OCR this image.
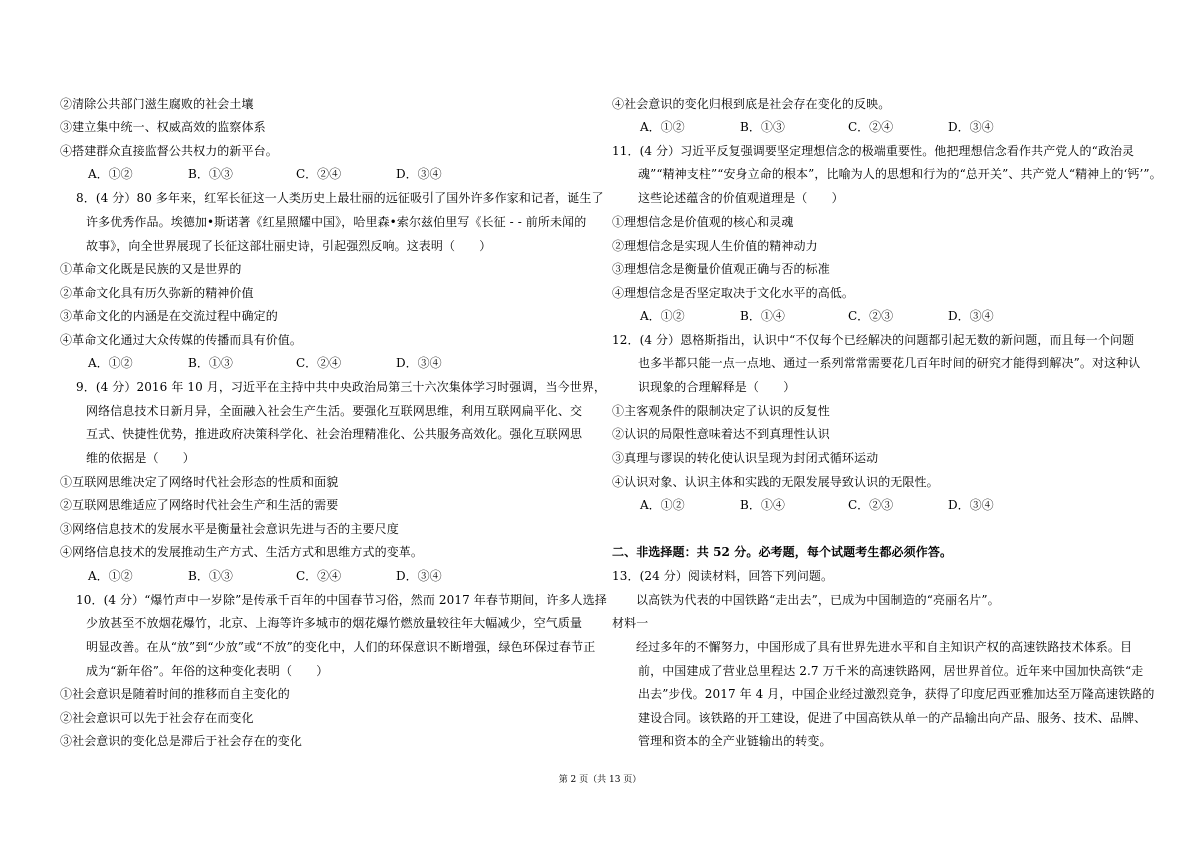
②清除公共部门滋生腐败的社会土壤
③建立集中统一、权威高效的监察体系
④搭建群众直接监督公共权力的新平台。
A．①②	B．①③	C．②④	D．③④
8．(4 分）80 多年来，红军长征这一人类历史上最壮丽的远征吸引了国外许多作家和记者，诞生了
许多优秀作品。埃德加•斯诺著《红星照耀中国》，哈里森•索尔兹伯里写《长征 - - 前所未闻的
故事》，向全世界展现了长征这部壮丽史诗，引起强烈反响。这表明（　　）
①革命文化既是民族的又是世界的
②革命文化具有历久弥新的精神价值
③革命文化的内涵是在交流过程中确定的
④革命文化通过大众传媒的传播而具有价值。
A．①②	B．①③	C．②④	D．③④
9．(4 分）2016 年 10 月，习近平在主持中共中央政治局第三十六次集体学习时强调，当今世界，
网络信息技术日新月异，全面融入社会生产生活。要强化互联网思维，利用互联网扁平化、交
互式、快捷性优势，推进政府决策科学化、社会治理精准化、公共服务高效化。强化互联网思
维的依据是（　　）
①互联网思维决定了网络时代社会形态的性质和面貌
②互联网思维适应了网络时代社会生产和生活的需要
③网络信息技术的发展水平是衡量社会意识先进与否的主要尺度
④网络信息技术的发展推动生产方式、生活方式和思维方式的变革。
A．①②	B．①③	C．②④	D．③④
10．(4 分）“爆竹声中一岁除”是传承千百年的中国春节习俗，然而 2017 年春节期间，许多人选择
少放甚至不放烟花爆竹，北京、上海等许多城市的烟花爆竹燃放量较往年大幅减少，空气质量
明显改善。在从“放”到“少放”或“不放”的变化中，人们的环保意识不断增强，绿色环保过春节正
成为“新年俗”。年俗的这种变化表明（　　）
①社会意识是随着时间的推移而自主变化的
②社会意识可以先于社会存在而变化
③社会意识的变化总是滞后于社会存在的变化
④社会意识的变化归根到底是社会存在变化的反映。
A．①②	B．①③	C．②④	D．③④
11．(4 分）习近平反复强调要坚定理想信念的极端重要性。他把理想信念看作共产党人的“政治灵
魂”“精神支柱”“安身立命的根本”，比喻为人的思想和行为的“总开关”、共产党人“精神上的‘钙’”。
这些论述蕴含的价值观道理是（　　）
①理想信念是价值观的核心和灵魂
②理想信念是实现人生价值的精神动力
③理想信念是衡量价值观正确与否的标准
④理想信念是否坚定取决于文化水平的高低。
A．①②	B．①④	C．②③	D．③④
12．(4 分）恩格斯指出，认识中“不仅每个已经解决的问题都引起无数的新问题，而且每一个问题
也多半都只能一点一点地、通过一系列常常需要花几百年时间的研究才能得到解决”。对这种认
识现象的合理解释是（　　）
①主客观条件的限制决定了认识的反复性
②认识的局限性意味着达不到真理性认识
③真理与谬误的转化使认识呈现为封闭式循环运动
④认识对象、认识主体和实践的无限发展导致认识的无限性。
A．①②	B．①④	C．②③	D．③④
二、非选择题：共 52 分。必考题，每个试题考生都必须作答。
13．(24 分）阅读材料，回答下列问题。
以高铁为代表的中国铁路“走出去”，已成为中国制造的“亮丽名片”。
材料一
经过多年的不懈努力，中国形成了具有世界先进水平和自主知识产权的高速铁路技术体系。目
前，中国建成了营业总里程达 2.7 万千米的高速铁路网，居世界首位。近年来中国加快高铁“走
出去”步伐。2017 年 4 月，中国企业经过激烈竞争，获得了印度尼西亚雅加达至万隆高速铁路的
建设合同。该铁路的开工建设，促进了中国高铁从单一的产品输出向产品、服务、技术、品牌、
管理和资本的全产业链输出的转变。
第 2 页（共 13 页）
